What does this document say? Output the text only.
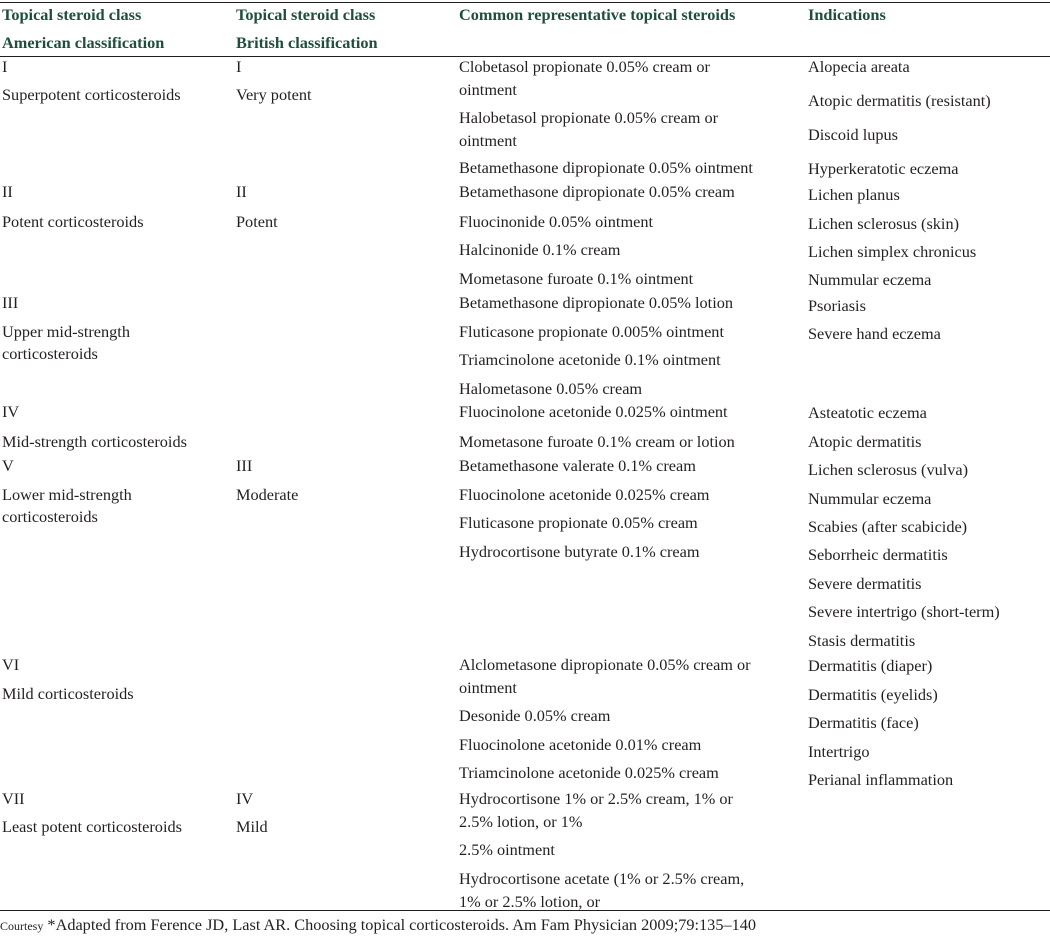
Topical steroid class
American classification
Topical steroid class
British classification
Common representative topical steroids	Indications
I
Superpotent corticosteroids
I
Very potent
Clobetasol propionate 0.05% cream or
ointment
Halobetasol propionate 0.05% cream or
ointment
Betamethasone dipropionate 0.05% ointment
Alopecia areata
Atopic dermatitis (resistant)
Discoid lupus
Hyperkeratotic eczema
II
Potent corticosteroids
II
Potent
Betamethasone dipropionate 0.05% cream
Fluocinonide 0.05% ointment
Halcinonide 0.1% cream
Mometasone furoate 0.1% ointment
Lichen planus
Lichen sclerosus (skin)
Lichen simplex chronicus
Nummular eczema
III
Upper mid-strength
corticosteroids
Betamethasone dipropionate 0.05% lotion
Fluticasone propionate 0.005% ointment
Triamcinolone acetonide 0.1% ointment
Halometasone 0.05% cream
Psoriasis
Severe hand eczema
IV
Mid-strength corticosteroids
Fluocinolone acetonide 0.025% ointment
Mometasone furoate 0.1% cream or lotion
Asteatotic eczema
Atopic dermatitis
V
Lower mid-strength
corticosteroids
III
Moderate
Betamethasone valerate 0.1% cream
Fluocinolone acetonide 0.025% cream
Fluticasone propionate 0.05% cream
Hydrocortisone butyrate 0.1% cream
Lichen sclerosus (vulva)
Nummular eczema
Scabies (after scabicide)
Seborrheic dermatitis
Severe dermatitis
Severe intertrigo (short-term)
Stasis dermatitis
VI
Mild corticosteroids
Alclometasone dipropionate 0.05% cream or
ointment
Desonide 0.05% cream
Fluocinolone acetonide 0.01% cream
Triamcinolone acetonide 0.025% cream
Dermatitis (diaper)
Dermatitis (eyelids)
Dermatitis (face)
Intertrigo
Perianal inflammation
VII
Least potent corticosteroids
IV
Mild
Hydrocortisone 1% or 2.5% cream, 1% or
2.5% lotion, or 1%
2.5% ointment
Hydrocortisone acetate (1% or 2.5% cream,
1% or 2.5% lotion, or
Courtesy *Adapted from Ference JD, Last AR. Choosing topical corticosteroids. Am Fam Physician 2009;79:135–140
